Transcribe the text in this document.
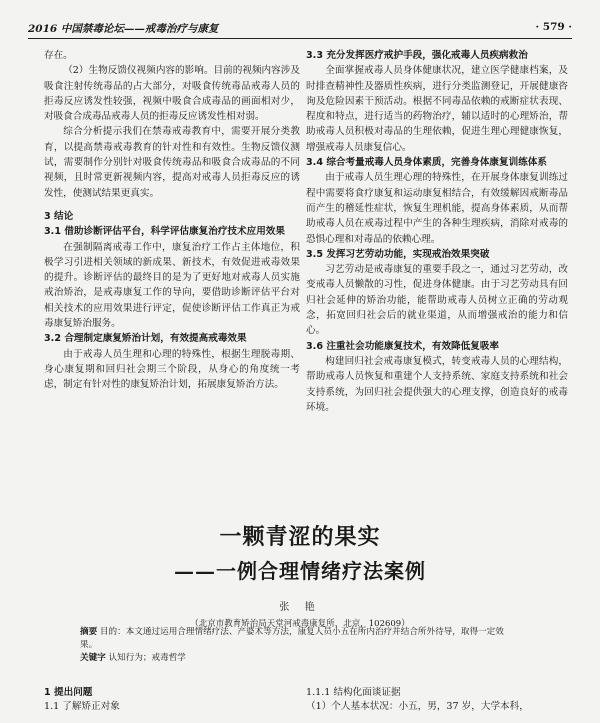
2016 中国禁毒论坛——戒毒治疗与康复	· 579 ·

存在。

（2）生物反馈仪视频内容的影响。目前的视频内容涉及吸食注射传统毒品的占大部分，对吸食传统毒品戒毒人员的拒毒反应诱发性较强，视频中吸食合成毒品的画面相对少，对吸食合成毒品戒毒人员的拒毒反应诱发性相对弱。

综合分析提示我们在禁毒戒毒教育中，需要开展分类教育，以提高禁毒戒毒教育的针对性和有效性。生物反馈仪测试，需要制作分别针对吸食传统毒品和吸食合成毒品的不同视频，且时常更新视频内容，提高对戒毒人员拒毒反应的诱发性，使测试结果更真实。

3 结论

3.1 借助诊断评估平台，科学评估康复治疗技术应用效果

在强制隔离戒毒工作中，康复治疗工作占主体地位，积极学习引进相关领域的新成果、新技术，有效促进戒毒效果的提升。诊断评估的最终目的是为了更好地对戒毒人员实施戒治矫治，是戒毒康复工作的导向，要借助诊断评估平台对相关技术的应用效果进行评定，促使诊断评估工作真正为戒毒康复矫治服务。

3.2 合理制定康复矫治计划，有效提高戒毒效果

由于戒毒人员生理和心理的特殊性，根据生理脱毒期、身心康复期和回归社会期三个阶段，从身心的角度统一考虑，制定有针对性的康复矫治计划，拓展康复矫治方法。

3.3 充分发挥医疗戒护手段，强化戒毒人员疾病救治

全面掌握戒毒人员身体健康状况，建立医学健康档案，及时排查精神性及器质性疾病，进行分类监测登记，开展健康咨询及危险因素干预活动。根据不同毒品依赖的戒断症状表现、程度和特点，进行适当的药物治疗，辅以适时的心理矫治，帮助戒毒人员积极对毒品的生理依赖，促进生理心理健康恢复，增强戒毒人员康复信心。

3.4 综合考量戒毒人员身体素质，完善身体康复训练体系

由于戒毒人员生理心理的特殊性，在开展身体康复训练过程中需要将食疗康复和运动康复相结合，有效缓解因戒断毒品而产生的稽延性症状，恢复生理机能，提高身体素质，从而帮助戒毒人员在戒毒过程中产生的各种生理疾病，消除对戒毒的恐惧心理和对毒品的依赖心理。

3.5 发挥习艺劳动功能，实现戒治效果突破

习艺劳动是戒毒康复的重要手段之一，通过习艺劳动，改变戒毒人员懒散的习性，促进身体健康。由于习艺劳动具有回归社会延伸的矫治功能，能帮助戒毒人员树立正确的劳动观念，拓宽回归社会后的就业渠道，从而增强戒治的能力和信心。

3.6 注重社会功能康复技术，有效降低复吸率

构建回归社会戒毒康复模式，转变戒毒人员的心理结构，帮助戒毒人员恢复和重建个人支持系统、家庭支持系统和社会支持系统，为回归社会提供强大的心理支撑，创造良好的戒毒环境。

一颗青涩的果实
——一例合理情绪疗法案例
张 艳
（北京市教育矫治局天堂河戒毒康复所，北京，102609）
摘要 目的：本文通过运用合理情绪疗法、产婆术等方法，康复人员小五在所内治疗并结合所外待导，取得一定效果。
关键字 认知行为；戒毒哲学
1 提出问题
1.1 了解矫正对象
1.1.1 结构化面谈证据
（1）个人基本状况：小五，男，37 岁，大学本科，
